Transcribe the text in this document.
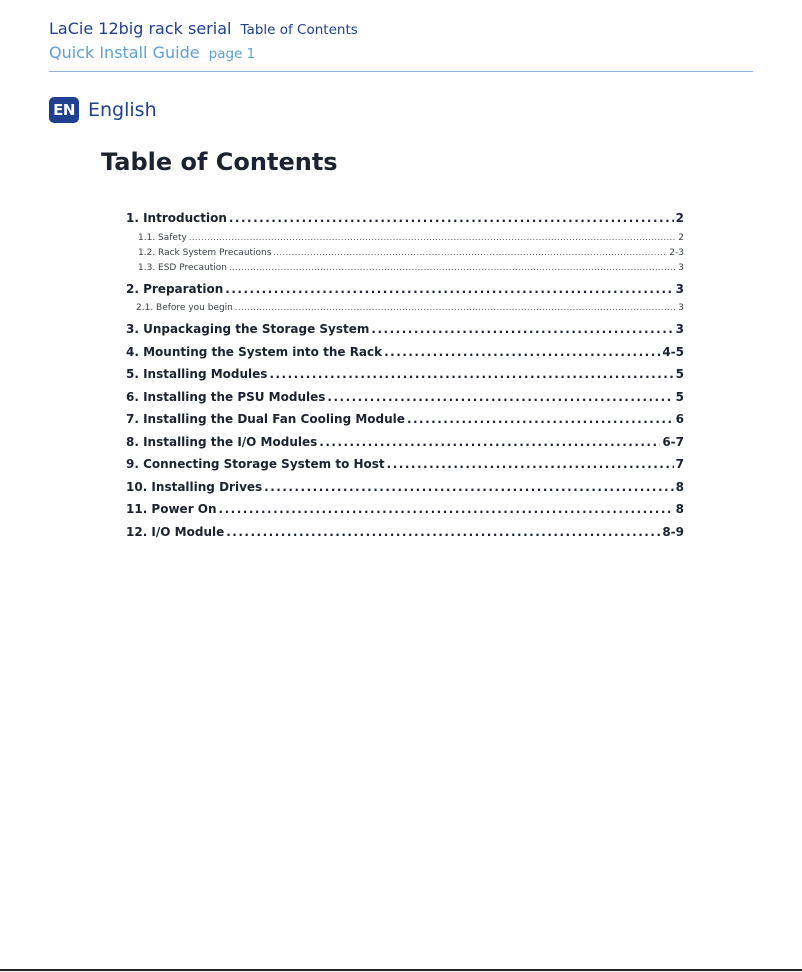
LaCie 12big rack serial Table of Contents
Quick Install Guide page 1
EN English
Table of Contents
1. Introduction .....	2
1.1. Safety .....	2
1.2. Rack System Precautions .....	2-3
1.3. ESD Precaution .....	3
2. Preparation .....	3
2.1. Before you begin .....	3
3. Unpackaging the Storage System .....	3
4. Mounting the System into the Rack .....	4-5
5. Installing Modules .....	5
6. Installing the PSU Modules .....	5
7. Installing the Dual Fan Cooling Module .....	6
8. Installing the I/O Modules .....	6-7
9. Connecting Storage System to Host .....	7
10. Installing Drives .....	8
11. Power On .....	8
12. I/O Module .....	8-9
